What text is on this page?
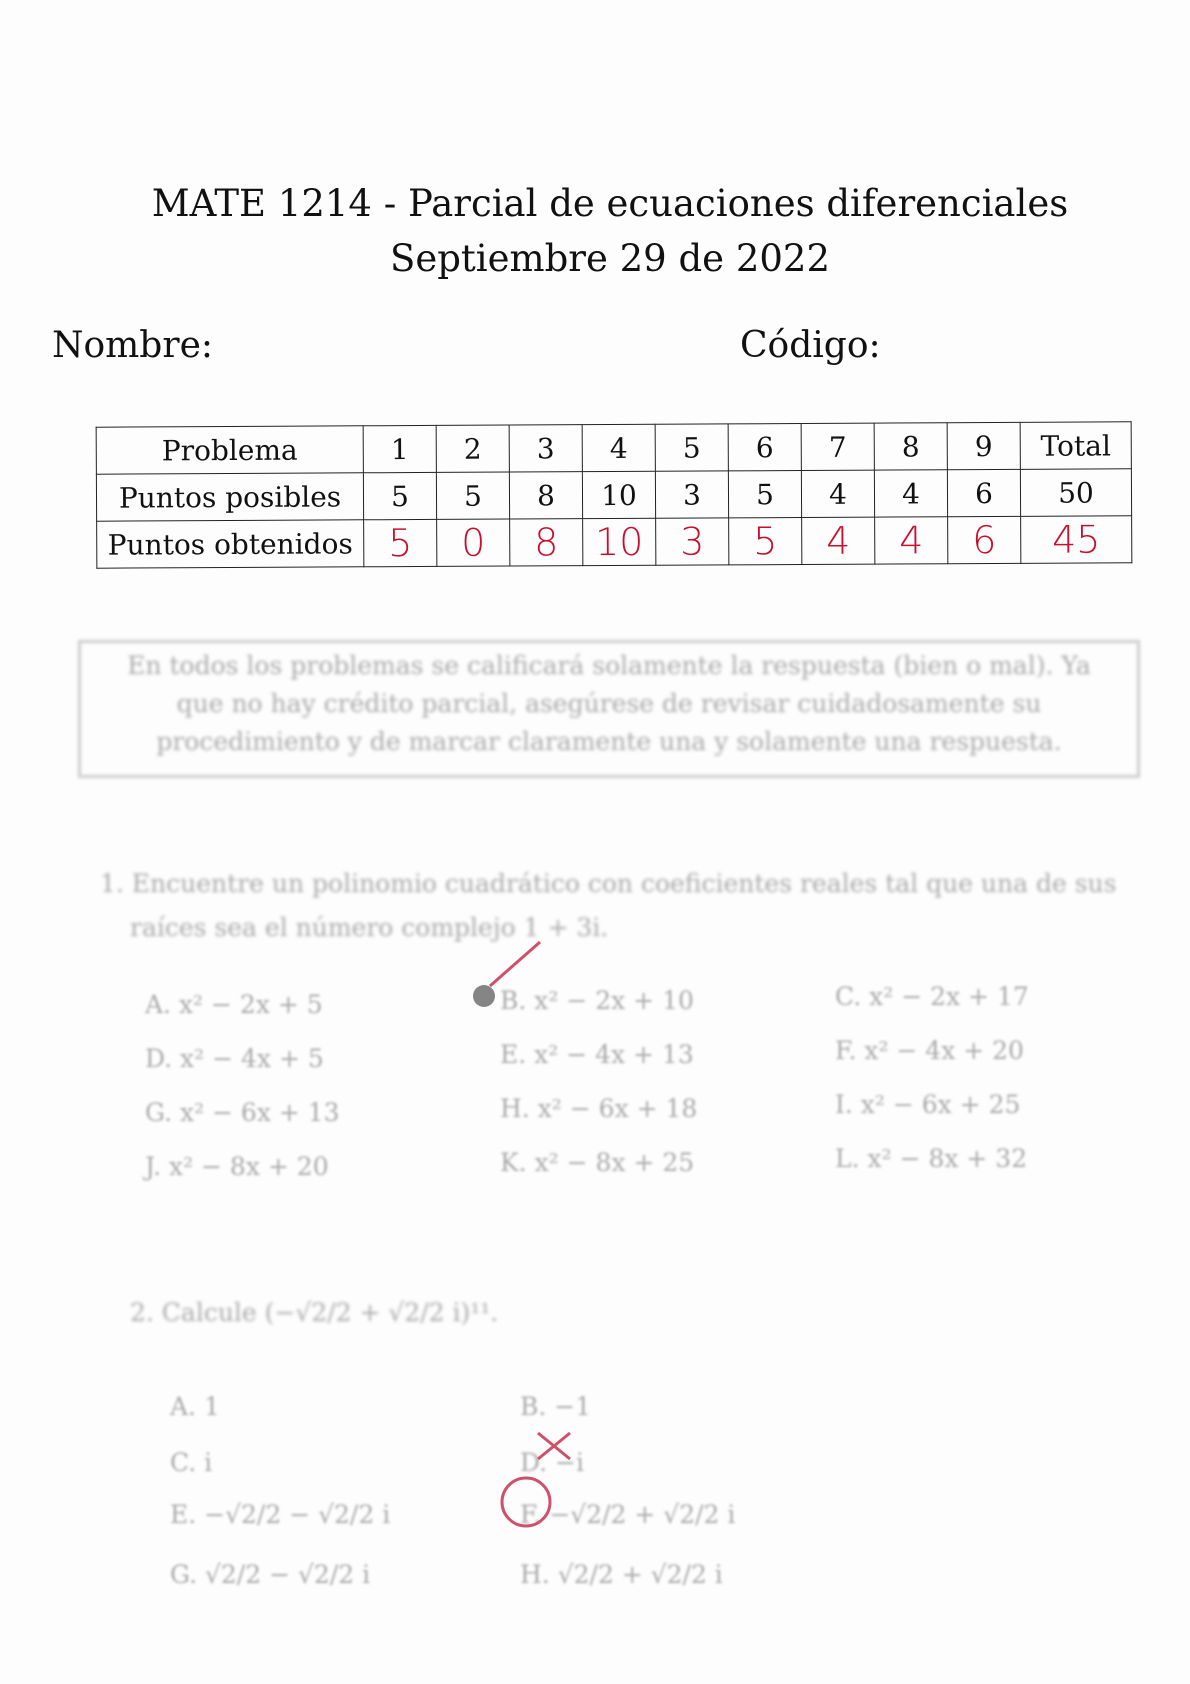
MATE 1214 - Parcial de ecuaciones diferenciales
Septiembre 29 de 2022
Nombre:	Código:
Problema	1	2	3	4	5	6	7	8	9	Total
Puntos posibles	5	5	8	10	3	5	4	4	6	50
Puntos obtenidos	5	0	8	10	3	5	4	4	6	45
En todos los problemas se calificará solamente la respuesta (bien o mal). Ya que no hay crédito parcial, asegúrese de revisar cuidadosamente su procedimiento y de marcar claramente una y solamente una respuesta.
1. Encuentre un polinomio cuadrático con coeficientes reales tal que una de sus raíces sea el número complejo 1 + 3i.
A. x² − 2x + 5	B. x² − 2x + 10	C. x² − 2x + 17
D. x² − 4x + 5	E. x² − 4x + 13	F. x² − 4x + 20
G. x² − 6x + 13	H. x² − 6x + 18	I. x² − 6x + 25
J. x² − 8x + 20	K. x² − 8x + 25	L. x² − 8x + 32
2. Calcule (−√2/2 + √2/2 i)¹¹.
A. 1	B. −1
C. i	D. −i
E. −√2/2 − √2/2 i	F. −√2/2 + √2/2 i
G. √2/2 − √2/2 i	H. √2/2 + √2/2 i
